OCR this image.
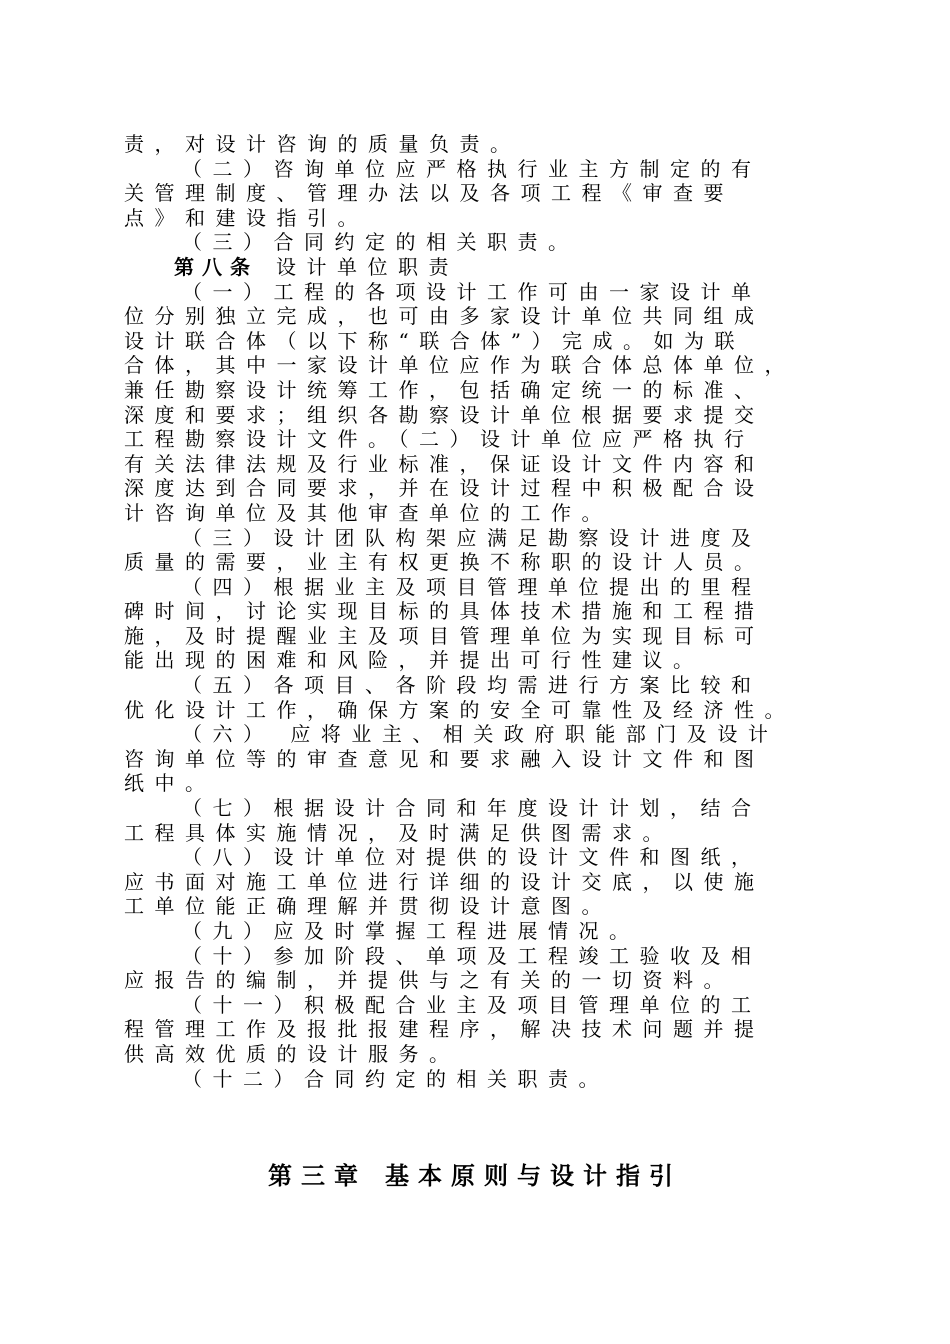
责，对设计咨询的质量负责。
（二）咨询单位应严格执行业主方制定的有
关管理制度、管理办法以及各项工程《审查要
点》和建设指引。
（三）合同约定的相关职责。
第八条 设计单位职责
（一）工程的各项设计工作可由一家设计单
位分别独立完成，也可由多家设计单位共同组成
设计联合体（以下称“联合体”）完成。如为联
合体，其中一家设计单位应作为联合体总体单位，
兼任勘察设计统筹工作，包括确定统一的标准、
深度和要求；组织各勘察设计单位根据要求提交
工程勘察设计文件。（二）设计单位应严格执行
有关法律法规及行业标准，保证设计文件内容和
深度达到合同要求，并在设计过程中积极配合设
计咨询单位及其他审查单位的工作。
（三）设计团队构架应满足勘察设计进度及
质量的需要，业主有权更换不称职的设计人员。
（四）根据业主及项目管理单位提出的里程
碑时间，讨论实现目标的具体技术措施和工程措
施，及时提醒业主及项目管理单位为实现目标可
能出现的困难和风险，并提出可行性建议。
（五）各项目、各阶段均需进行方案比较和
优化设计工作，确保方案的安全可靠性及经济性。
（六） 应将业主、相关政府职能部门及设计
咨询单位等的审查意见和要求融入设计文件和图
纸中。
（七）根据设计合同和年度设计计划，结合
工程具体实施情况，及时满足供图需求。
（八）设计单位对提供的设计文件和图纸，
应书面对施工单位进行详细的设计交底，以使施
工单位能正确理解并贯彻设计意图。
（九）应及时掌握工程进展情况。
（十）参加阶段、单项及工程竣工验收及相
应报告的编制，并提供与之有关的一切资料。
（十一）积极配合业主及项目管理单位的工
程管理工作及报批报建程序，解决技术问题并提
供高效优质的设计服务。
（十二）合同约定的相关职责。
第三章 基本原则与设计指引
